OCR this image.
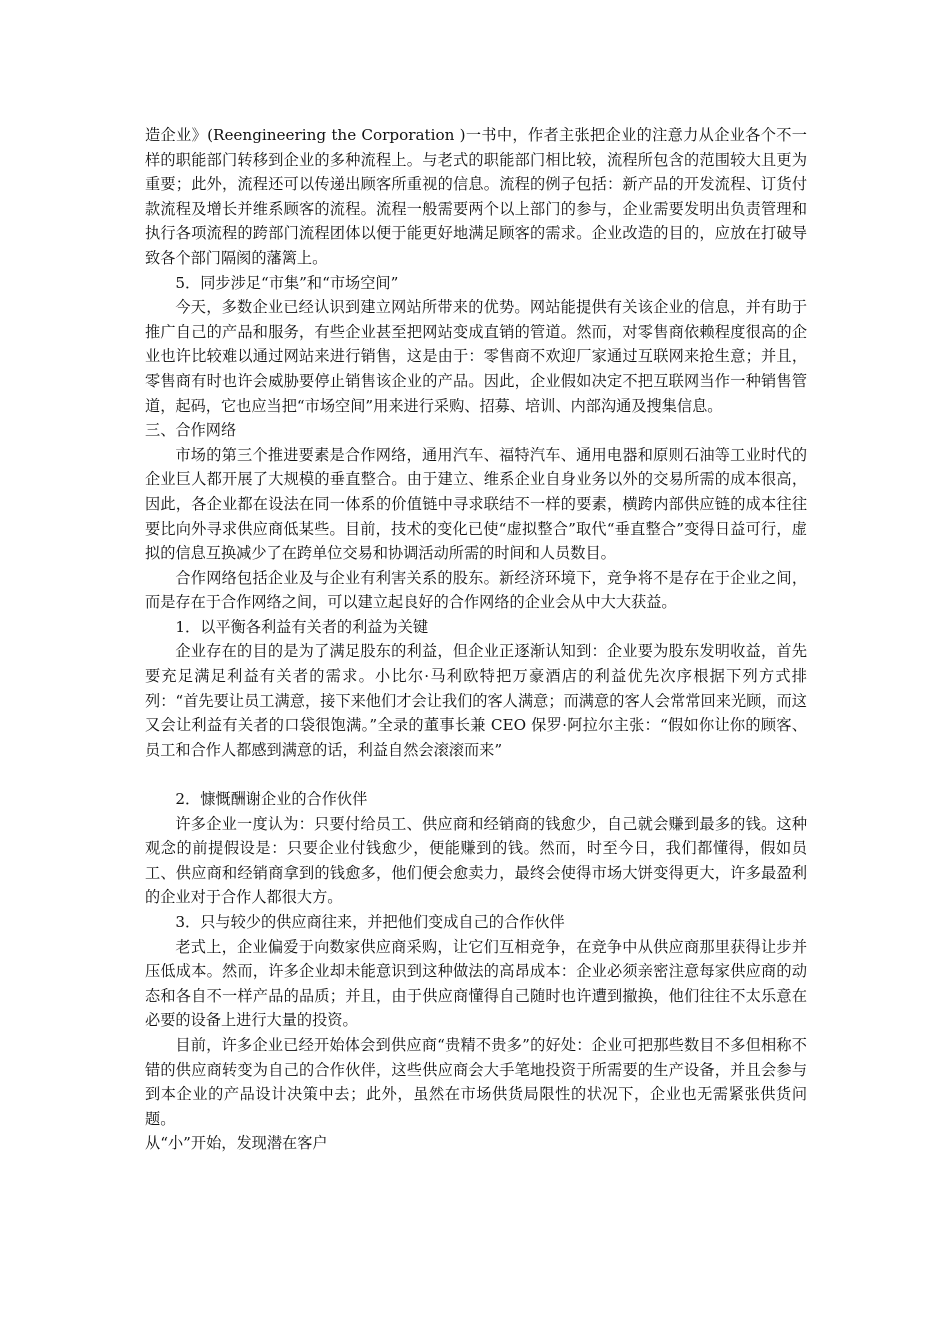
造企业》(Reengineering the Corporation )一书中，作者主张把企业的注意力从企业各个不一样的职能部门转移到企业的多种流程上。与老式的职能部门相比较，流程所包含的范围较大且更为重要；此外，流程还可以传递出顾客所重视的信息。流程的例子包括：新产品的开发流程、订货付款流程及增长并维系顾客的流程。流程一般需要两个以上部门的参与，企业需要发明出负责管理和执行各项流程的跨部门流程团体以便于能更好地满足顾客的需求。企业改造的目的，应放在打破导致各个部门隔阂的藩篱上。

5．同步涉足“市集”和“市场空间”

今天，多数企业已经认识到建立网站所带来的优势。网站能提供有关该企业的信息，并有助于推广自己的产品和服务，有些企业甚至把网站变成直销的管道。然而，对零售商依赖程度很高的企业也许比较难以通过网站来进行销售，这是由于：零售商不欢迎厂家通过互联网来抢生意；并且，零售商有时也许会威胁要停止销售该企业的产品。因此，企业假如决定不把互联网当作一种销售管道，起码，它也应当把“市场空间”用来进行采购、招募、培训、内部沟通及搜集信息。

三、合作网络

市场的第三个推进要素是合作网络，通用汽车、福特汽车、通用电器和原则石油等工业时代的企业巨人都开展了大规模的垂直整合。由于建立、维系企业自身业务以外的交易所需的成本很高，因此，各企业都在设法在同一体系的价值链中寻求联结不一样的要素，横跨内部供应链的成本往往要比向外寻求供应商低某些。目前，技术的变化已使“虚拟整合”取代“垂直整合”变得日益可行，虚拟的信息互换减少了在跨单位交易和协调活动所需的时间和人员数目。

合作网络包括企业及与企业有利害关系的股东。新经济环境下，竞争将不是存在于企业之间，而是存在于合作网络之间，可以建立起良好的合作网络的企业会从中大大获益。

1．以平衡各利益有关者的利益为关键

企业存在的目的是为了满足股东的利益，但企业正逐渐认知到：企业要为股东发明收益，首先要充足满足利益有关者的需求。小比尔·马利欧特把万豪酒店的利益优先次序根据下列方式排列：“首先要让员工满意，接下来他们才会让我们的客人满意；而满意的客人会常常回来光顾，而这又会让利益有关者的口袋很饱满。”全录的董事长兼 CEO 保罗·阿拉尔主张：“假如你让你的顾客、员工和合作人都感到满意的话，利益自然会滚滚而来”

2．慷慨酬谢企业的合作伙伴

许多企业一度认为：只要付给员工、供应商和经销商的钱愈少，自己就会赚到最多的钱。这种观念的前提假设是：只要企业付钱愈少，便能赚到的钱。然而，时至今日，我们都懂得，假如员工、供应商和经销商拿到的钱愈多，他们便会愈卖力，最终会使得市场大饼变得更大，许多最盈利的企业对于合作人都很大方。

3．只与较少的供应商往来，并把他们变成自己的合作伙伴

老式上，企业偏爱于向数家供应商采购，让它们互相竞争，在竞争中从供应商那里获得让步并压低成本。然而，许多企业却未能意识到这种做法的高昂成本：企业必须亲密注意每家供应商的动态和各自不一样产品的品质；并且，由于供应商懂得自己随时也许遭到撤换，他们往往不太乐意在必要的设备上进行大量的投资。

目前，许多企业已经开始体会到供应商“贵精不贵多”的好处：企业可把那些数目不多但相称不错的供应商转变为自己的合作伙伴，这些供应商会大手笔地投资于所需要的生产设备，并且会参与到本企业的产品设计决策中去；此外，虽然在市场供货局限性的状况下，企业也无需紧张供货问题。

从“小”开始，发现潜在客户
